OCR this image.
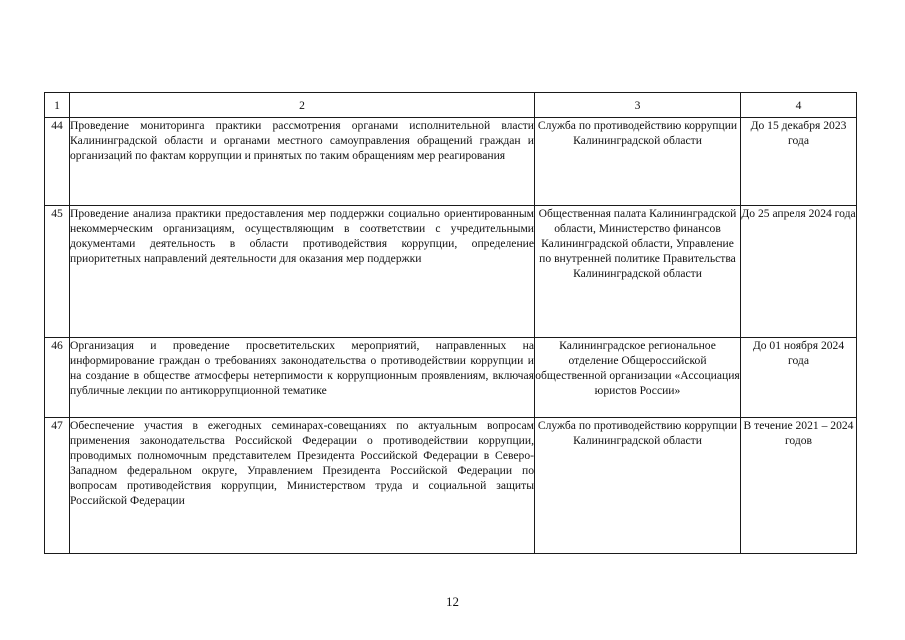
1	2	3	4
44	Проведение мониторинга практики рассмотрения органами исполнительной власти Калининградской области и органами местного самоуправления обращений граждан и организаций по фактам коррупции и принятых по таким обращениям мер реагирования	Служба по противодействию коррупции Калининградской области	До 15 декабря 2023 года
45	Проведение анализа практики предоставления мер поддержки социально ориентированным некоммерческим организациям, осуществляющим в соответствии с учредительными документами деятельность в области противодействия коррупции, определение приоритетных направлений деятельности для оказания мер поддержки	Общественная палата Калининградской области, Министерство финансов Калининградской области, Управление по внутренней политике Правительства Калининградской области	До 25 апреля 2024 года
46	Организация и проведение просветительских мероприятий, направленных на информирование граждан о требованиях законодательства о противодействии коррупции и на создание в обществе атмосферы нетерпимости к коррупционным проявлениям, включая публичные лекции по антикоррупционной тематике	Калининградское региональное отделение Общероссийской общественной организации «Ассоциация юристов России»	До 01 ноября 2024 года
47	Обеспечение участия в ежегодных семинарах-совещаниях по актуальным вопросам применения законодательства Российской Федерации о противодействии коррупции, проводимых полномочным представителем Президента Российской Федерации в Северо-Западном федеральном округе, Управлением Президента Российской Федерации по вопросам противодействия коррупции, Министерством труда и социальной защиты Российской Федерации	Служба по противодействию коррупции Калининградской области	В течение 2021 – 2024 годов
12
